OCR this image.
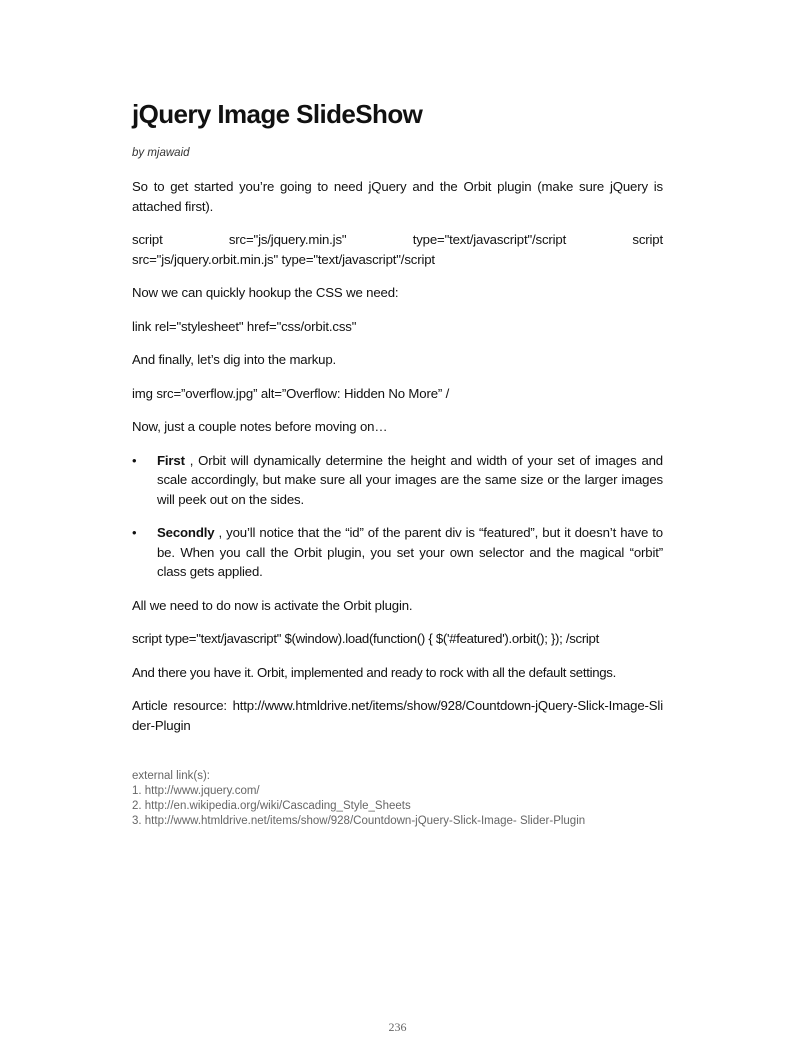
jQuery Image SlideShow
by mjawaid

So to get started you’re going to need jQuery and the Orbit plugin (make sure jQuery is attached first).

script	src="js/jquery.min.js"	type="text/javascript"/script	script
src="js/jquery.orbit.min.js" type="text/javascript"/script

Now we can quickly hookup the CSS we need:

link rel="stylesheet" href="css/orbit.css"

And finally, let’s dig into the markup.

img src=”overflow.jpg” alt=”Overflow: Hidden No More” /

Now, just a couple notes before moving on…

• First , Orbit will dynamically determine the height and width of your set of images and scale accordingly, but make sure all your images are the same size or the larger images will peek out on the sides.
• Secondly , you’ll notice that the “id” of the parent div is “featured”, but it doesn’t have to be. When you call the Orbit plugin, you set your own selector and the magical “orbit” class gets applied.

All we need to do now is activate the Orbit plugin.

script type="text/javascript" $(window).load(function() { $('#featured').orbit(); }); /script

And there you have it. Orbit, implemented and ready to rock with all the default settings.

Article resource: http://www.htmldrive.net/items/show/928/Countdown-jQuery-Slick-Image-Slider-Plugin

external link(s):
1. http://www.jquery.com/
2. http://en.wikipedia.org/wiki/Cascading_Style_Sheets
3. http://www.htmldrive.net/items/show/928/Countdown-jQuery-Slick-Image- Slider-Plugin
236
